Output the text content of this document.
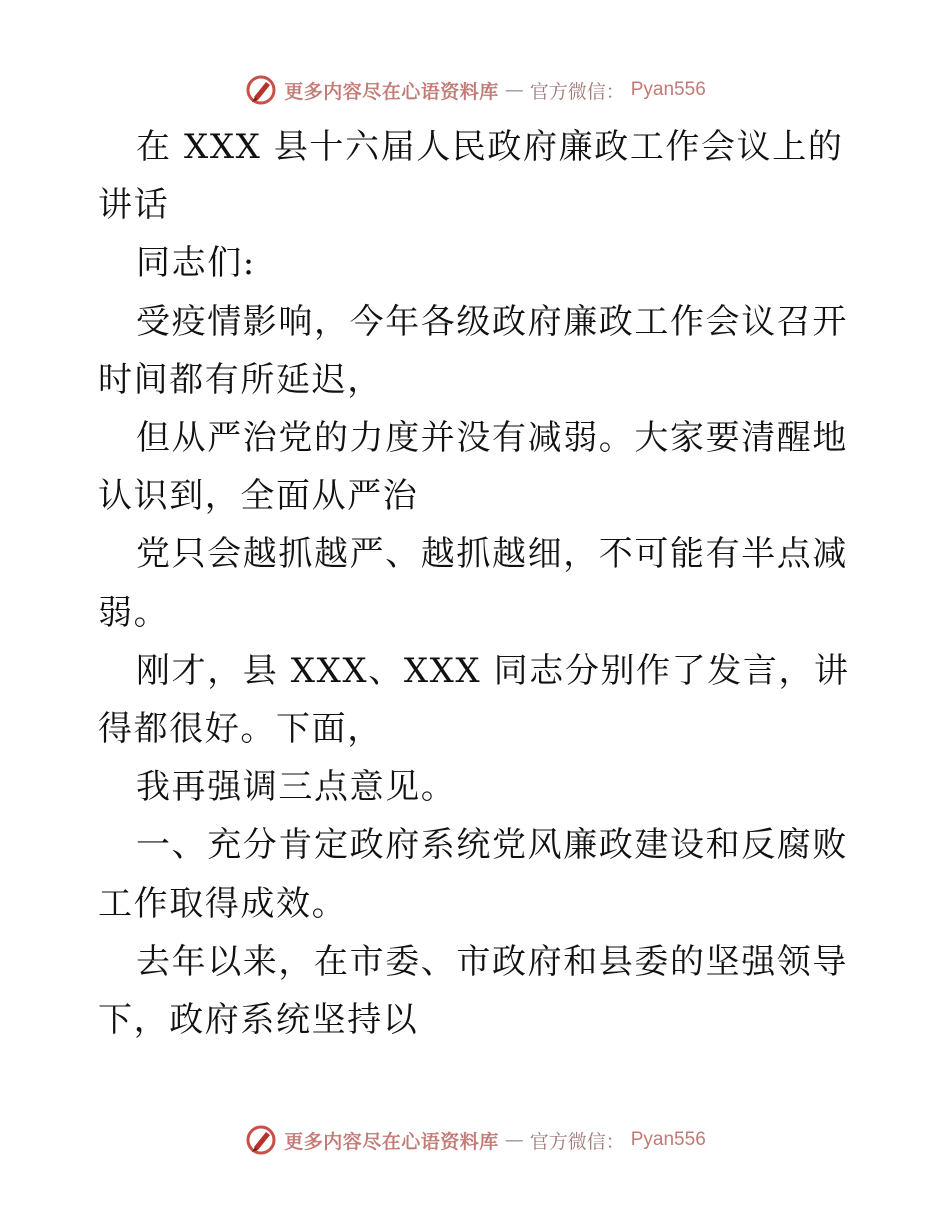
更多内容尽在心语资料库 — 官方微信： Pyan556

在 XXX 县十六届人民政府廉政工作会议上的讲话

同志们:

受疫情影响，今年各级政府廉政工作会议召开时间都有所延迟，

但从严治党的力度并没有减弱。大家要清醒地认识到，全面从严治

党只会越抓越严、越抓越细，不可能有半点减弱。

刚才，县 XXX、XXX 同志分别作了发言，讲得都很好。下面，

我再强调三点意见。

一、充分肯定政府系统党风廉政建设和反腐败工作取得成效。

去年以来，在市委、市政府和县委的坚强领导下，政府系统坚持以

更多内容尽在心语资料库 — 官方微信： Pyan556
